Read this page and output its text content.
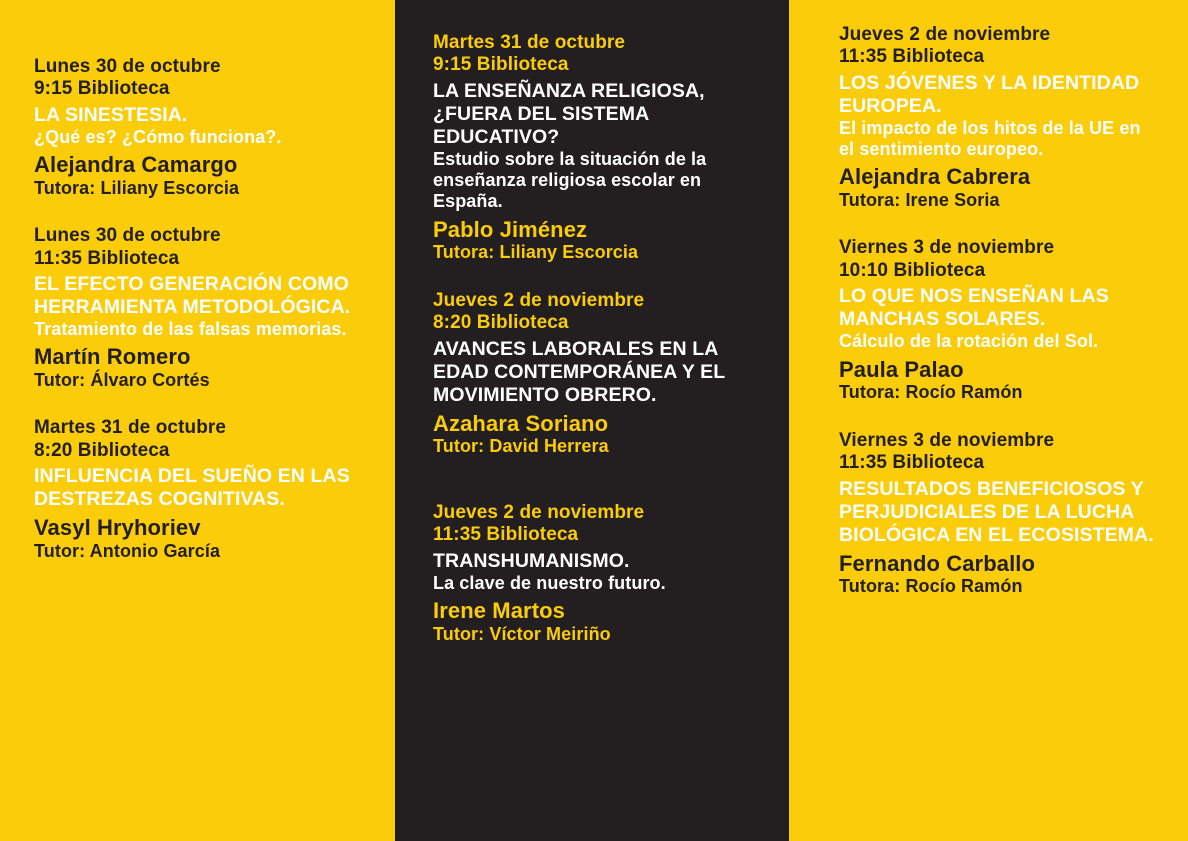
Lunes 30 de octubre
9:15 Biblioteca
LA SINESTESIA.
¿Qué es? ¿Cómo funciona?.
Alejandra Camargo
Tutora: Liliany Escorcia
Lunes 30 de octubre
11:35 Biblioteca
EL EFECTO GENERACIÓN COMO HERRAMIENTA METODOLÓGICA.
Tratamiento de las falsas memorias.
Martín Romero
Tutor: Álvaro Cortés
Martes 31 de octubre
8:20 Biblioteca
INFLUENCIA DEL SUEÑO EN LAS DESTREZAS COGNITIVAS.
Vasyl Hryhoriev
Tutor: Antonio García
Martes 31 de octubre
9:15 Biblioteca
LA ENSEÑANZA RELIGIOSA, ¿FUERA DEL SISTEMA EDUCATIVO?
Estudio sobre la situación de la enseñanza religiosa escolar en España.
Pablo Jiménez
Tutora: Liliany Escorcia
Jueves 2 de noviembre
8:20 Biblioteca
AVANCES LABORALES EN LA EDAD CONTEMPORÁNEA Y EL MOVIMIENTO OBRERO.
Azahara Soriano
Tutor: David Herrera
Jueves 2 de noviembre
11:35 Biblioteca
TRANSHUMANISMO.
La clave de nuestro futuro.
Irene Martos
Tutor: Víctor Meiriño
Jueves 2 de noviembre
11:35 Biblioteca
LOS JÓVENES Y LA IDENTIDAD EUROPEA.
El impacto de los hitos de la UE en el sentimiento europeo.
Alejandra Cabrera
Tutora: Irene Soria
Viernes 3 de noviembre
10:10 Biblioteca
LO QUE NOS ENSEÑAN LAS MANCHAS SOLARES.
Cálculo de la rotación del Sol.
Paula Palao
Tutora: Rocío Ramón
Viernes 3 de noviembre
11:35 Biblioteca
RESULTADOS BENEFICIOSOS Y PERJUDICIALES DE LA LUCHA BIOLÓGICA EN EL ECOSISTEMA.
Fernando Carballo
Tutora: Rocío Ramón
